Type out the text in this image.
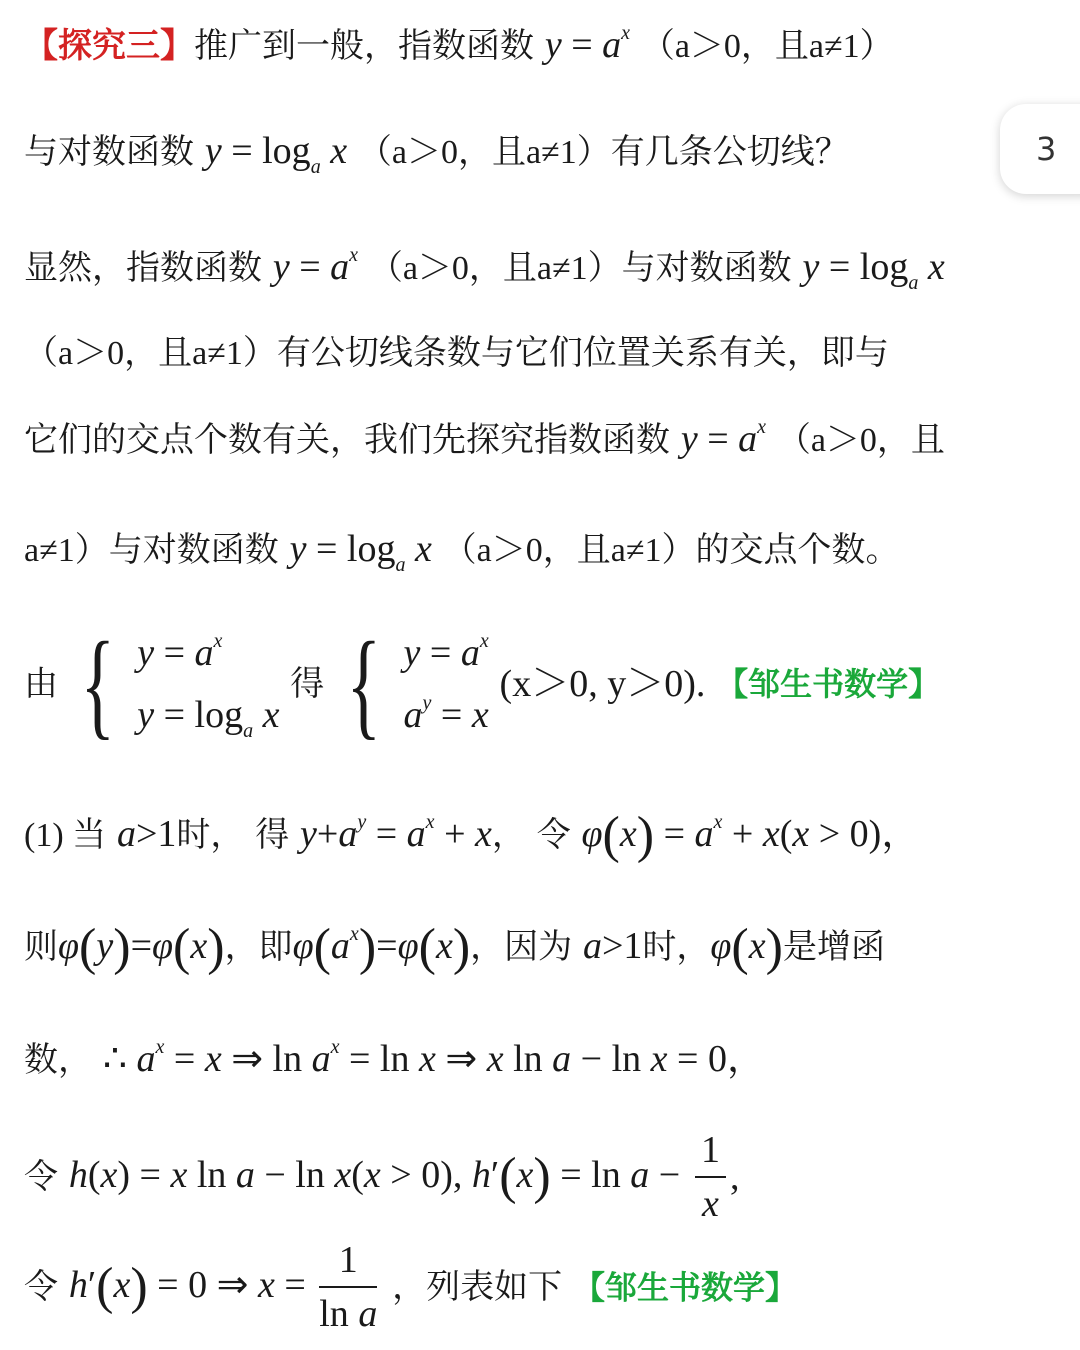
3
【探究三】推广到一般，指数函数 $y = a^x$ （a＞0，且a≠1）
与对数函数 $y = \log_a x$ （a＞0，且a≠1）有几条公切线？
显然，指数函数 $y = a^x$ （a＞0，且a≠1）与对数函数 $y = \log_a x$
（a＞0，且a≠1）有公切线条数与它们位置关系有关，即与
它们的交点个数有关，我们先探究指数函数 $y = a^x$ （a＞0，且
a≠1）与对数函数 $y = \log_a x$ （a＞0，且a≠1）的交点个数。
由 { $y = a^x$
$y = \log_a x$
得 { $y = a^x$
$a^y = x$
(x＞0, y＞0). 【邹生书数学】
(1) 当 a>1时， 得 $y+a^y = a^x + x$， 令 $\varphi(x) = a^x + x(x > 0)$，
则φ(y)=φ(x)，即$\varphi(a^x)=\varphi(x)$，因为 a>1时，φ(x)是增函
数， ∴ $a^x = x$ ⇒ $\ln a^x = \ln x$ ⇒ x ln a − ln x = 0，
令 h(x) = x ln a − ln x(x > 0), $h'(x) = \ln a - \frac{1}{x}$ ,
令 h′(x) = 0 ⇒ $x = \frac{1}{\text{ln a}}$ ，列表如下 【邹生书数学】
